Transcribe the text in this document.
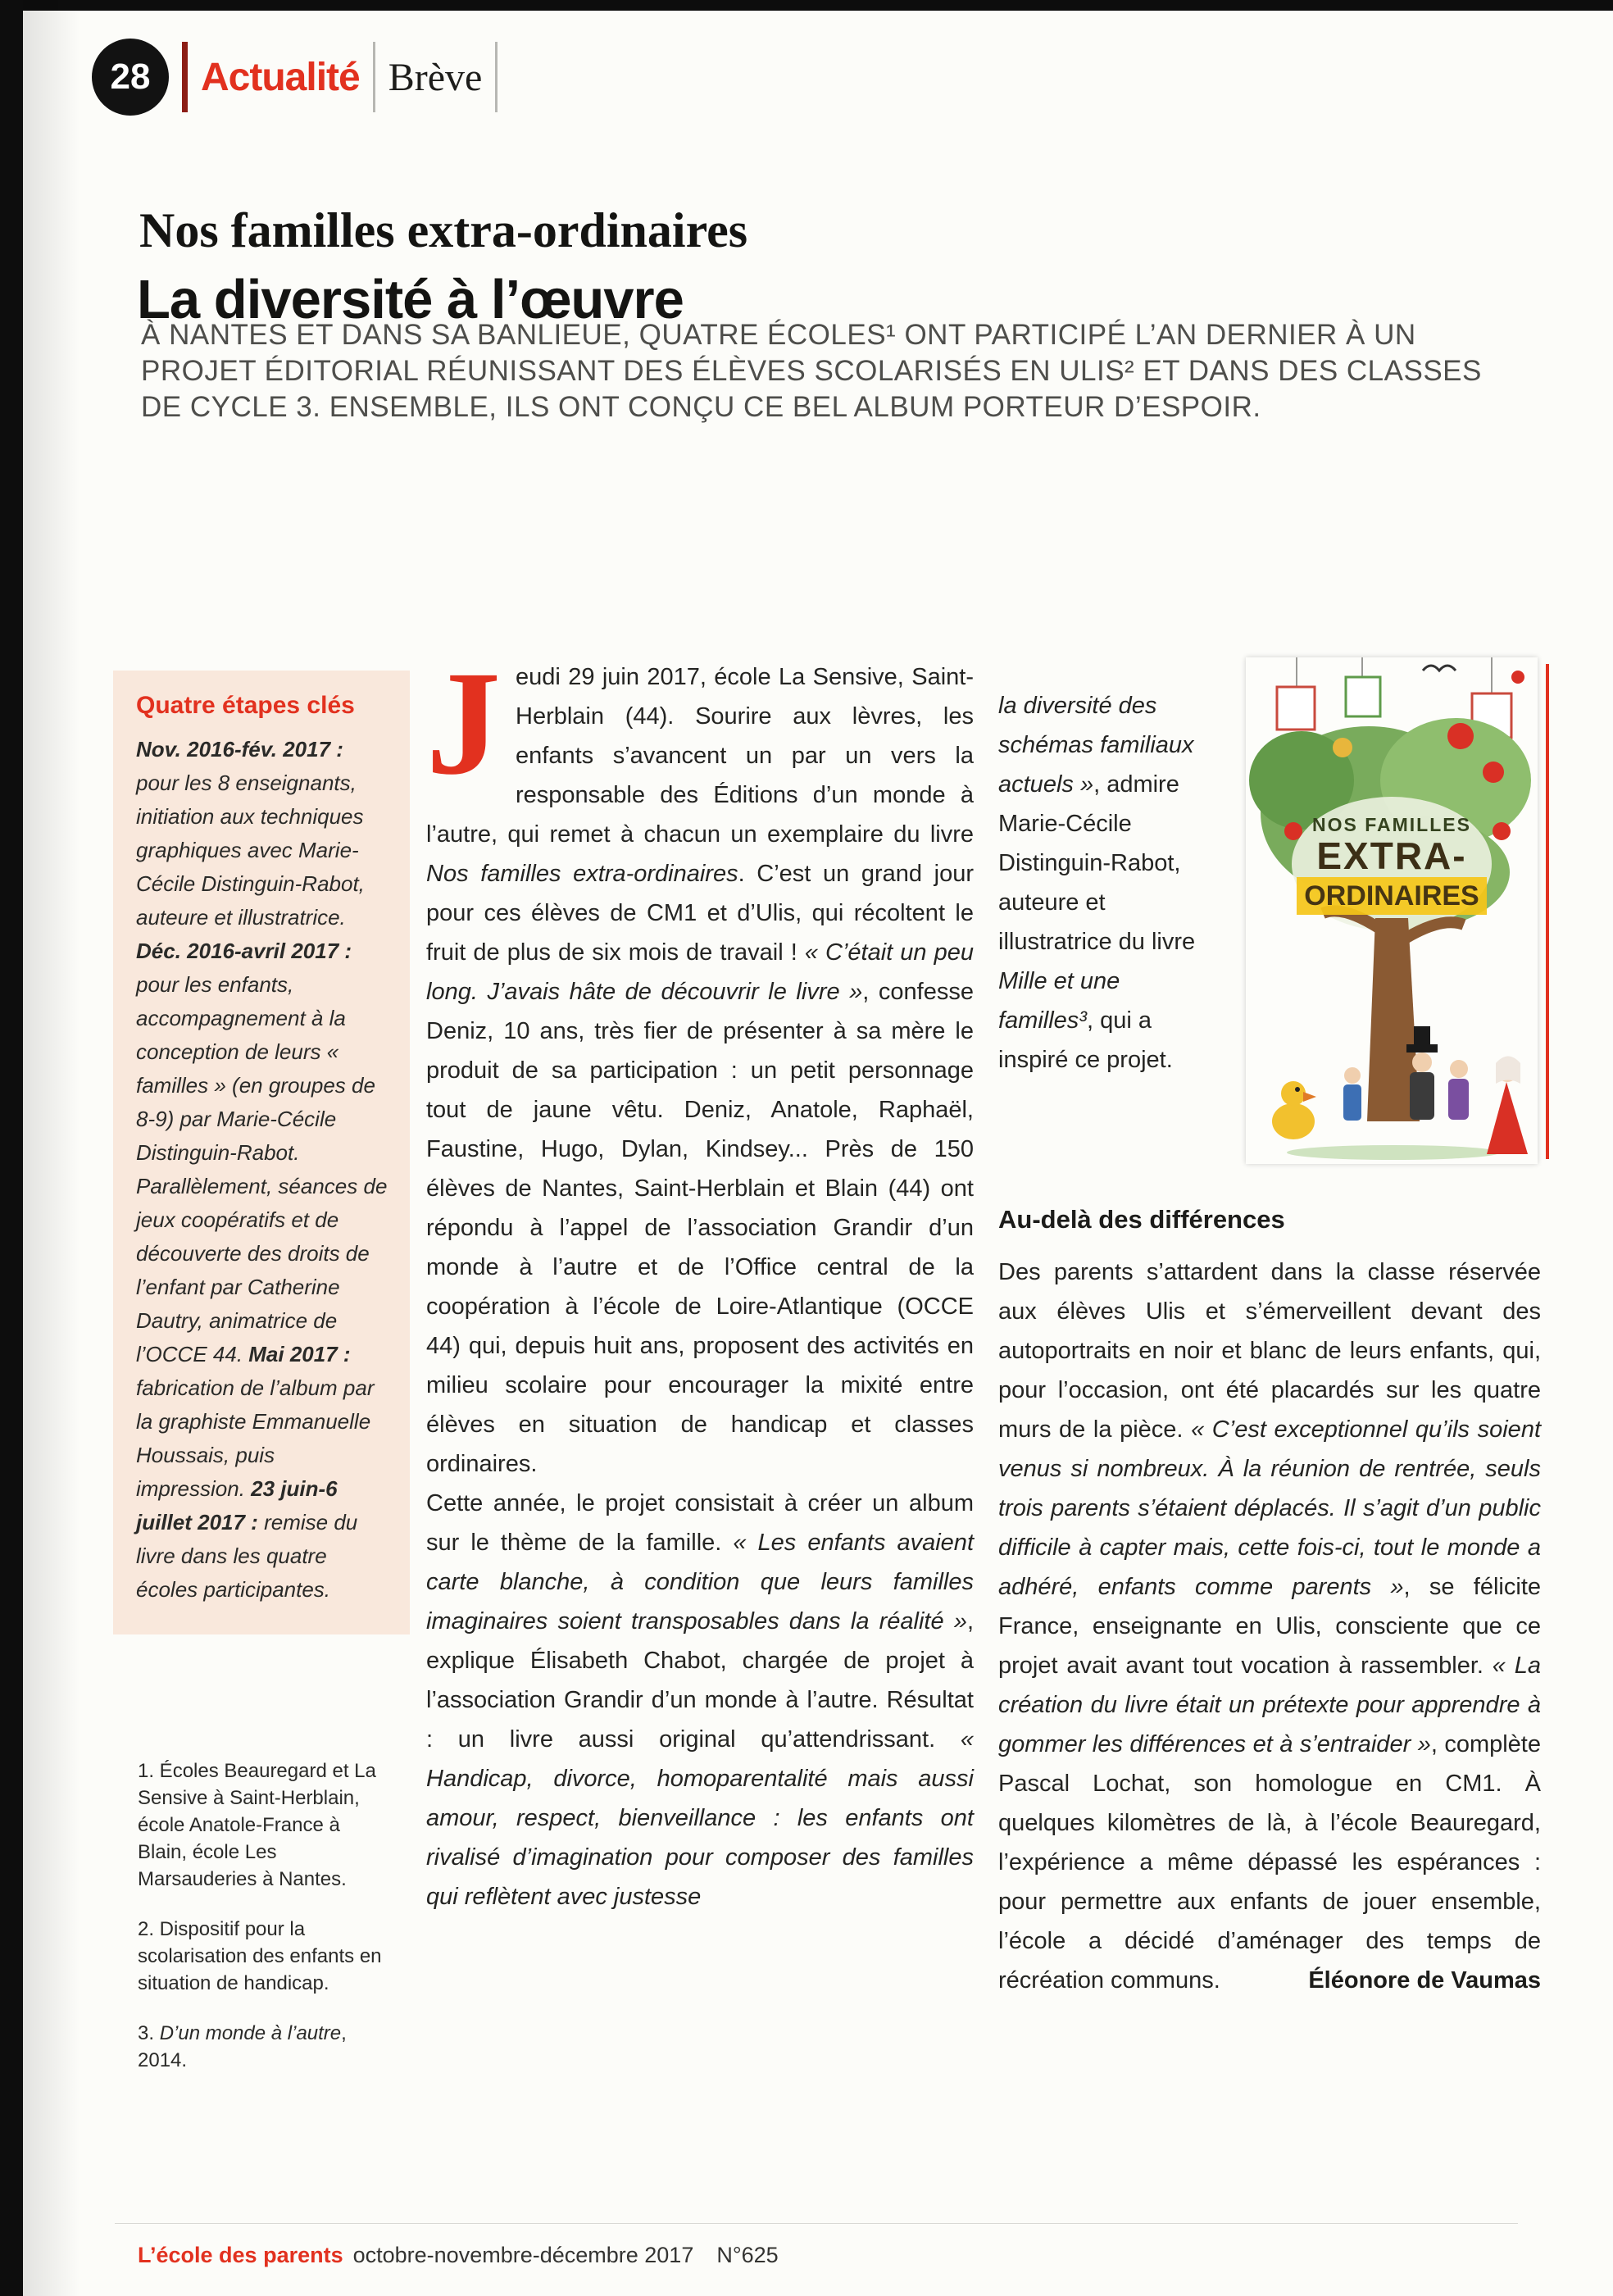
28 Actualité Brève
Nos familles extra-ordinaires
La diversité à l’œuvre

À NANTES ET DANS SA BANLIEUE, QUATRE ÉCOLES¹ ONT PARTICIPÉ L’AN DERNIER À UN PROJET ÉDITORIAL RÉUNISSANT DES ÉLÈVES SCOLARISÉS EN ULIS² ET DANS DES CLASSES DE CYCLE 3. ENSEMBLE, ILS ONT CONÇU CE BEL ALBUM PORTEUR D’ESPOIR.

Quatre étapes clés

Nov. 2016-fév. 2017 : pour les 8 enseignants, initiation aux techniques graphiques avec Marie-Cécile Distinguin-Rabot, auteure et illustratrice. Déc. 2016-avril 2017 : pour les enfants, accompagnement à la conception de leurs « familles » (en groupes de 8-9) par Marie-Cécile Distinguin-Rabot. Parallèlement, séances de jeux coopératifs et de découverte des droits de l’enfant par Catherine Dautry, animatrice de l’OCCE 44. Mai 2017 : fabrication de l’album par la graphiste Emmanuelle Houssais, puis impression. 23 juin-6 juillet 2017 : remise du livre dans les quatre écoles participantes.

1. Écoles Beauregard et La Sensive à Saint-Herblain, école Anatole-France à Blain, école Les Marsauderies à Nantes.

2. Dispositif pour la scolarisation des enfants en situation de handicap.

3. D’un monde à l’autre, 2014.

Jeudi 29 juin 2017, école La Sensive, Saint-Herblain (44). Sourire aux lèvres, les enfants s’avancent un par un vers la responsable des Éditions d’un monde à l’autre, qui remet à chacun un exemplaire du livre Nos familles extra-ordinaires. C’est un grand jour pour ces élèves de CM1 et d’Ulis, qui récoltent le fruit de plus de six mois de travail ! « C’était un peu long. J’avais hâte de découvrir le livre », confesse Deniz, 10 ans, très fier de présenter à sa mère le produit de sa participation : un petit personnage tout de jaune vêtu. Deniz, Anatole, Raphaël, Faustine, Hugo, Dylan, Kindsey... Près de 150 élèves de Nantes, Saint-Herblain et Blain (44) ont répondu à l’appel de l’association Grandir d’un monde à l’autre et de l’Office central de la coopération à l’école de Loire-Atlantique (OCCE 44) qui, depuis huit ans, proposent des activités en milieu scolaire pour encourager la mixité entre élèves en situation de handicap et classes ordinaires.

Cette année, le projet consistait à créer un album sur le thème de la famille. « Les enfants avaient carte blanche, à condition que leurs familles imaginaires soient transposables dans la réalité », explique Élisabeth Chabot, chargée de projet à l’association Grandir d’un monde à l’autre. Résultat : un livre aussi original qu’attendrissant. « Handicap, divorce, homoparentalité mais aussi amour, respect, bienveillance : les enfants ont rivalisé d’imagination pour composer des familles qui reflètent avec justesse

la diversité des schémas familiaux actuels », admire Marie-Cécile Distinguin-Rabot, auteure et illustratrice du livre Mille et une familles³, qui a inspiré ce projet.

NOS FAMILLES
EXTRA-
ORDINAIRES
Au-delà des différences

Des parents s’attardent dans la classe réservée aux élèves Ulis et s’émerveillent devant des autoportraits en noir et blanc de leurs enfants, qui, pour l’occasion, ont été placardés sur les quatre murs de la pièce. « C’est exceptionnel qu’ils soient venus si nombreux. À la réunion de rentrée, seuls trois parents s’étaient déplacés. Il s’agit d’un public difficile à capter mais, cette fois-ci, tout le monde a adhéré, enfants comme parents », se félicite France, enseignante en Ulis, consciente que ce projet avait avant tout vocation à rassembler. « La création du livre était un prétexte pour apprendre à gommer les différences et à s’entraider », complète Pascal Lochat, son homologue en CM1. À quelques kilomètres de là, à l’école Beauregard, l’expérience a même dépassé les espérances : pour permettre aux enfants de jouer ensemble, l’école a décidé d’aménager des temps de récréation communs.	Éléonore de Vaumas

L’école des parents octobre-novembre-décembre 2017 N°625
